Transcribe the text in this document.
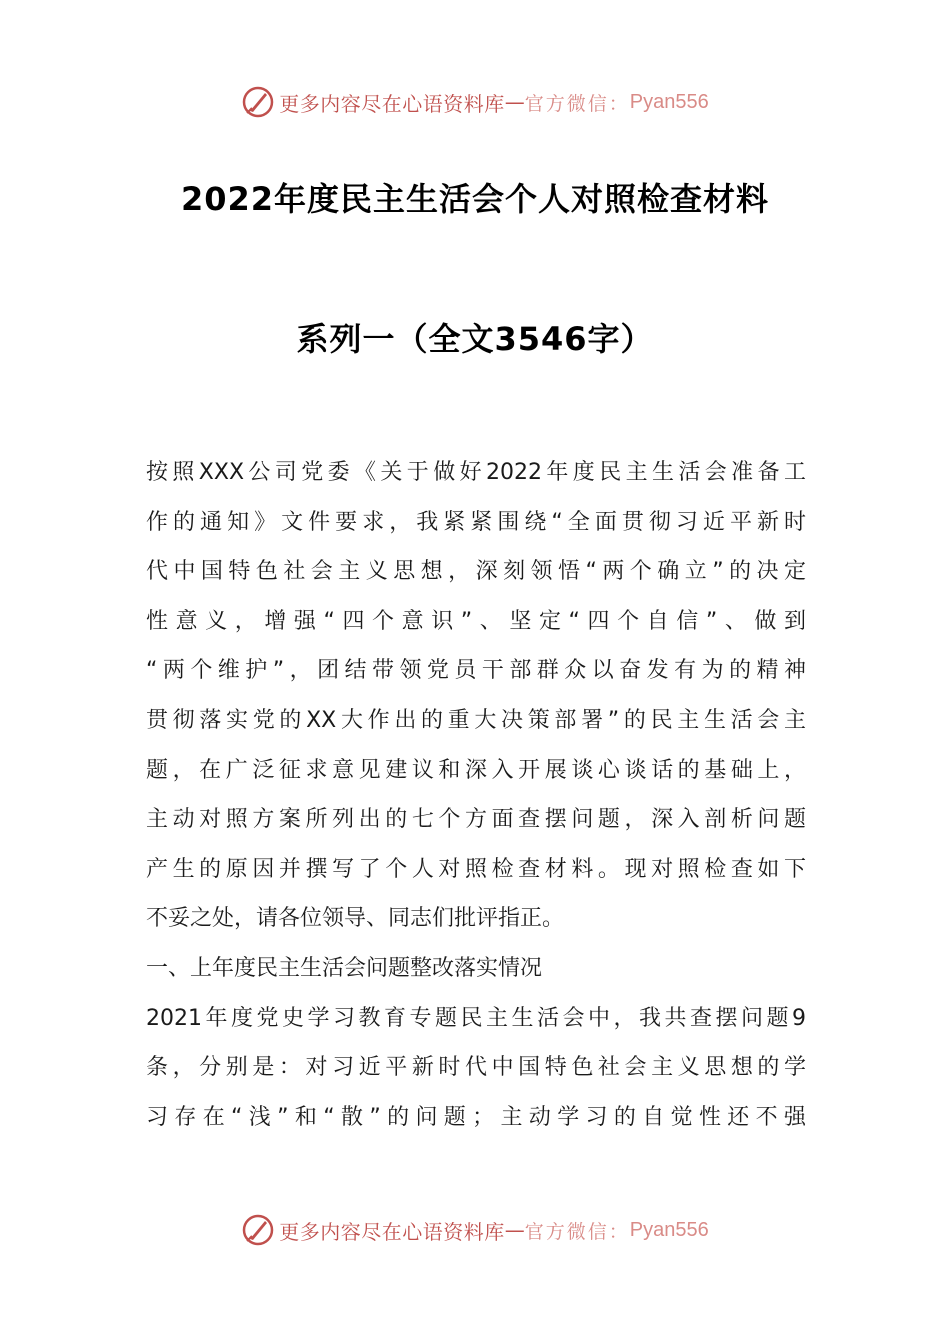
更多内容尽在心语资料库 — 官方微信： Pyan556
2022年度民主生活会个人对照检查材料
系列一（全文3546字）
按照XXX公司党委《关于做好2022年度民主生活会准备工
作的通知》文件要求，我紧紧围绕“全面贯彻习近平新时
代中国特色社会主义思想，深刻领悟“两个确立”的决定
性意义，增强“四个意识”、坚定“四个自信”、做到
“两个维护”，团结带领党员干部群众以奋发有为的精神
贯彻落实党的XX大作出的重大决策部署”的民主生活会主
题，在广泛征求意见建议和深入开展谈心谈话的基础上，
主动对照方案所列出的七个方面查摆问题，深入剖析问题
产生的原因并撰写了个人对照检查材料。现对照检查如下
不妥之处，请各位领导、同志们批评指正。
一、上年度民主生活会问题整改落实情况
2021年度党史学习教育专题民主生活会中，我共查摆问题9
条，分别是：对习近平新时代中国特色社会主义思想的学
习存在“浅”和“散”的问题；主动学习的自觉性还不强
更多内容尽在心语资料库 — 官方微信： Pyan556
